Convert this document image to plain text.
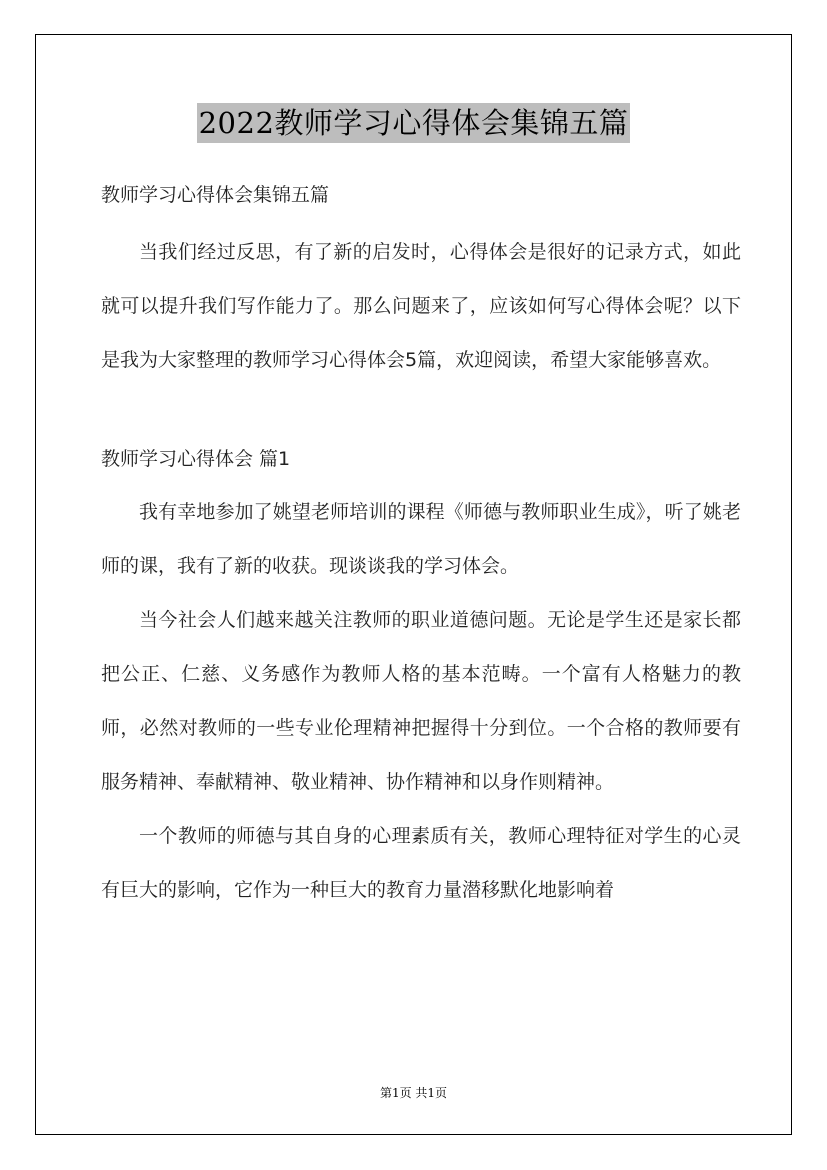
2022教师学习心得体会集锦五篇

教师学习心得体会集锦五篇

当我们经过反思，有了新的启发时，心得体会是很好的记录方式，如此就可以提升我们写作能力了。那么问题来了，应该如何写心得体会呢？以下是我为大家整理的教师学习心得体会5篇，欢迎阅读，希望大家能够喜欢。

教师学习心得体会 篇1

我有幸地参加了姚望老师培训的课程《师德与教师职业生成》，听了姚老师的课，我有了新的收获。现谈谈我的学习体会。

当今社会人们越来越关注教师的职业道德问题。无论是学生还是家长都把公正、仁慈、义务感作为教师人格的基本范畴。一个富有人格魅力的教师，必然对教师的一些专业伦理精神把握得十分到位。一个合格的教师要有服务精神、奉献精神、敬业精神、协作精神和以身作则精神。

一个教师的师德与其自身的心理素质有关，教师心理特征对学生的心灵有巨大的影响，它作为一种巨大的教育力量潜移默化地影响着

第1页 共1页
